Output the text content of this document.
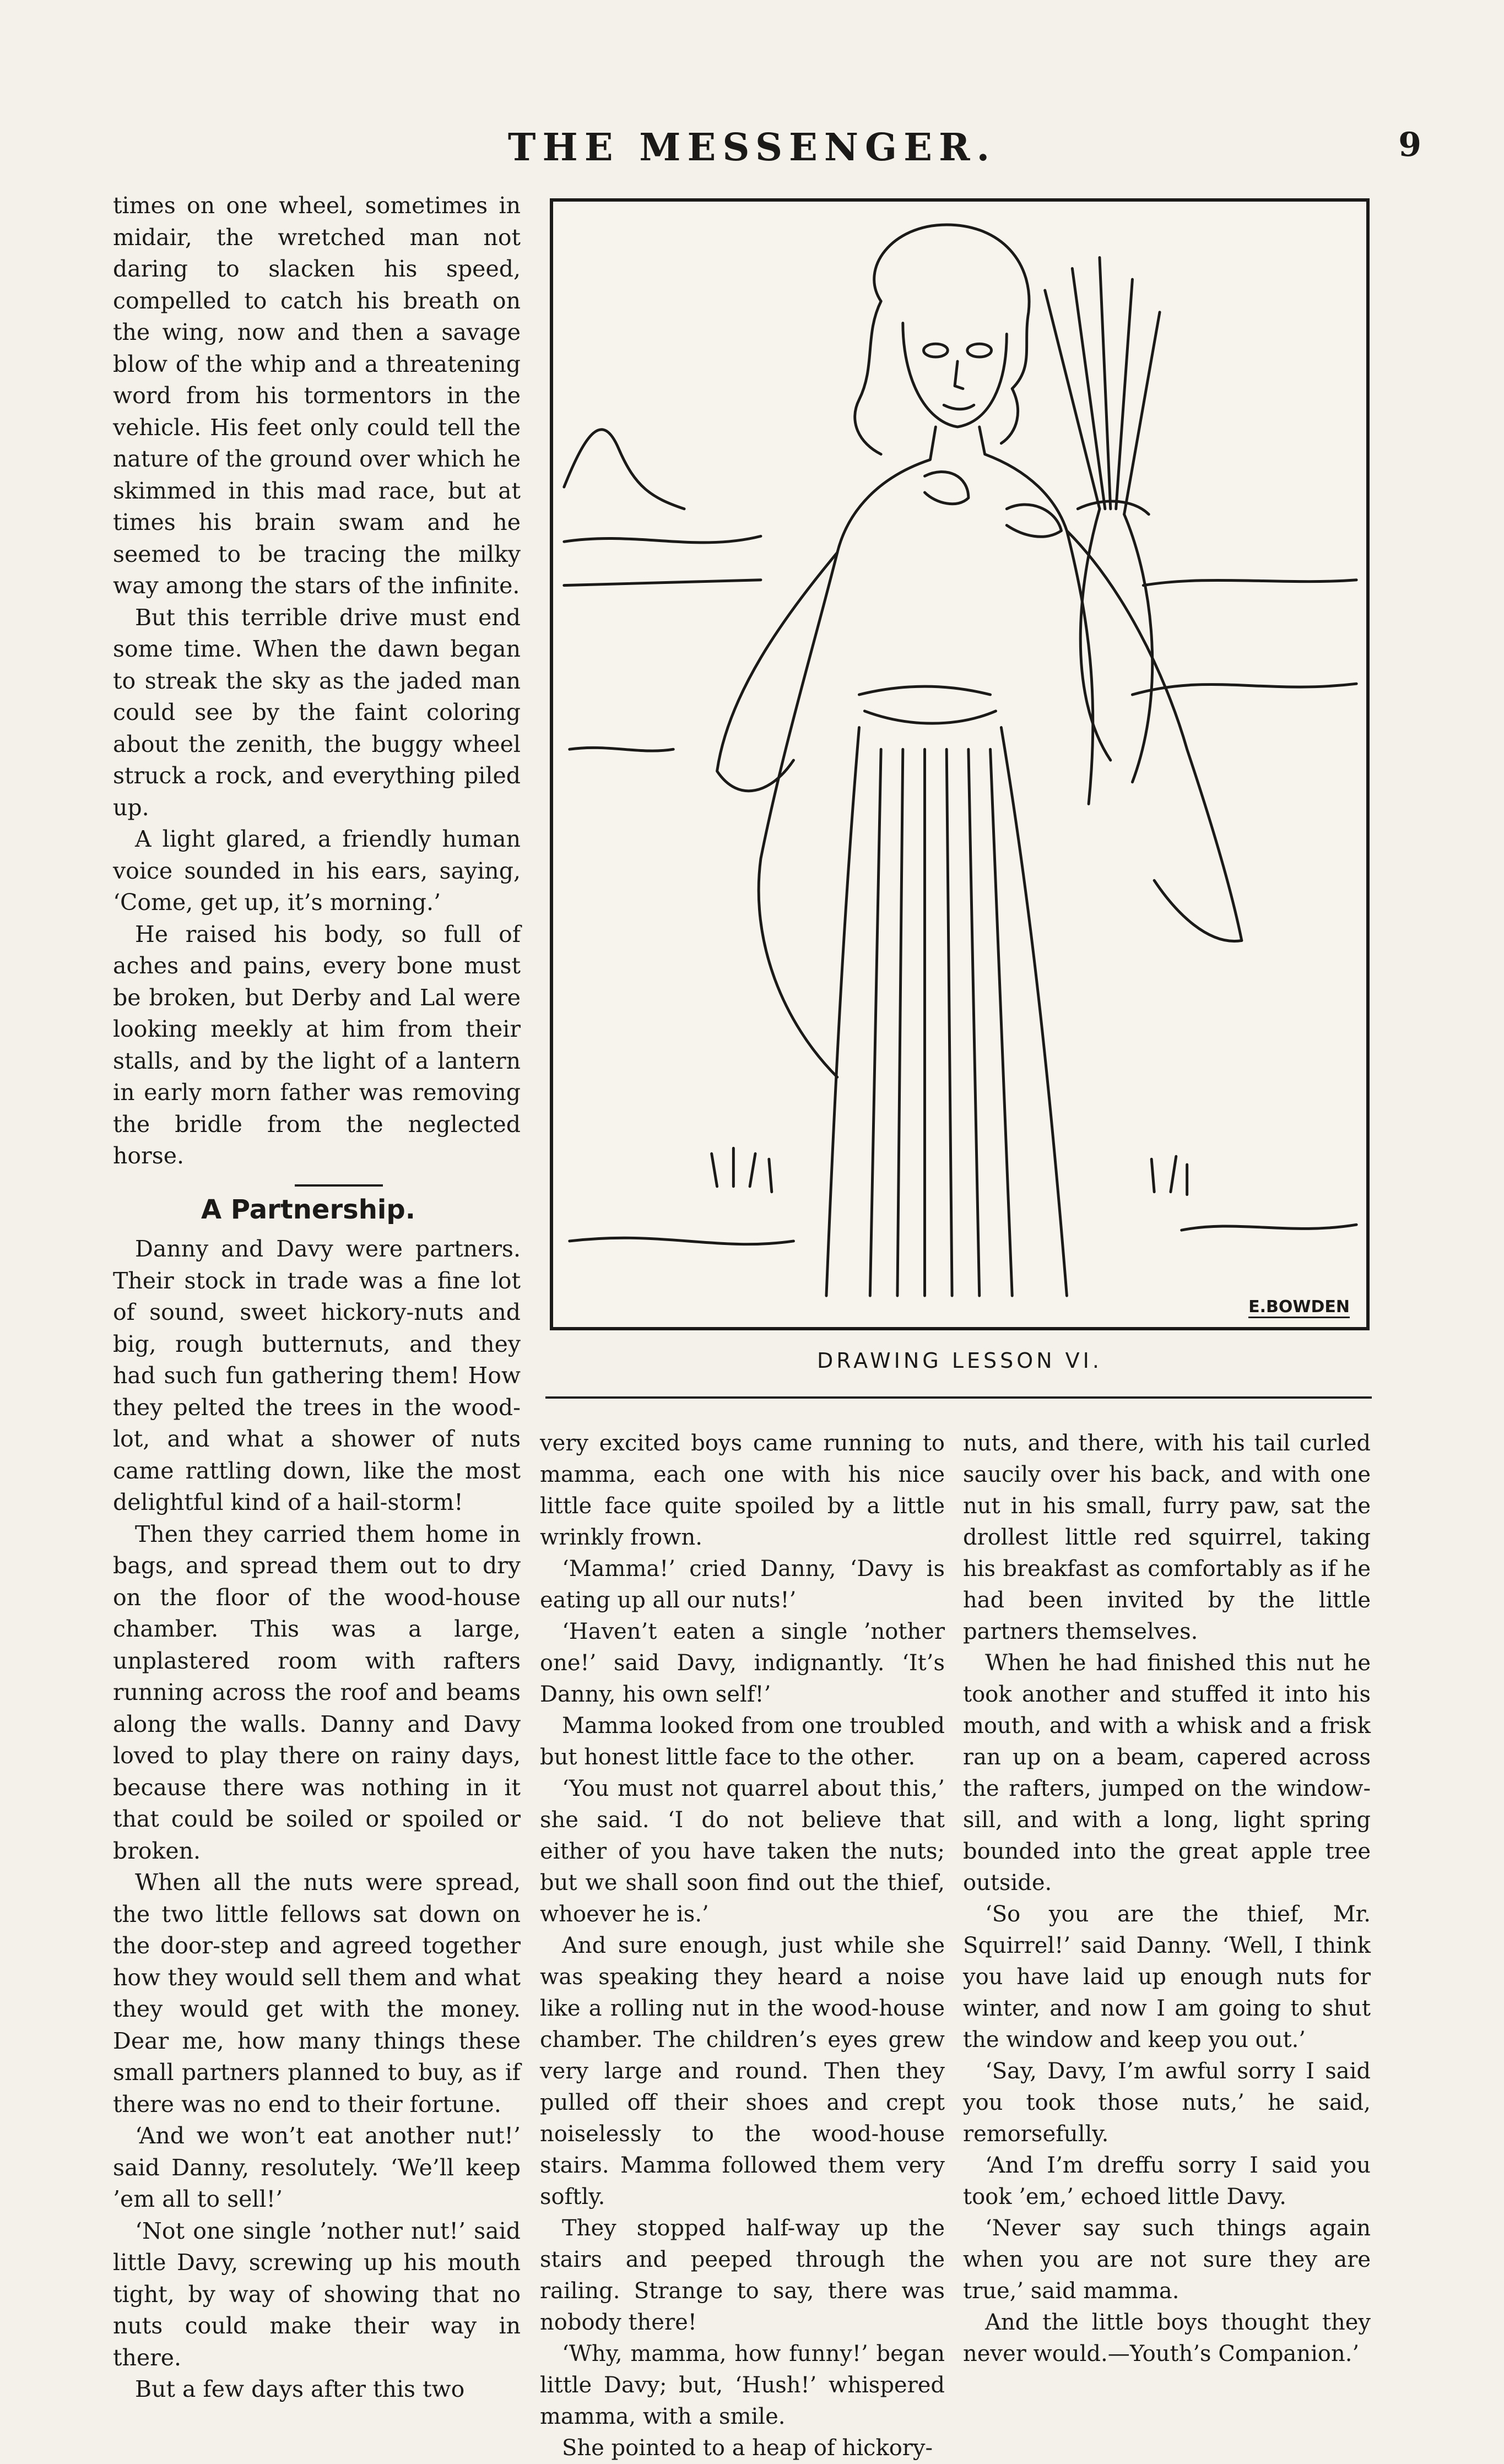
THE MESSENGER.	9

times on one wheel, sometimes in midair, the wretched man not daring to slacken his speed, compelled to catch his breath on the wing, now and then a savage blow of the whip and a threatening word from his tormentors in the vehicle. His feet only could tell the nature of the ground over which he skimmed in this mad race, but at times his brain swam and he seemed to be tracing the milky way among the stars of the infinite.

But this terrible drive must end some time. When the dawn began to streak the sky as the jaded man could see by the faint coloring about the zenith, the buggy wheel struck a rock, and everything piled up.

A light glared, a friendly human voice sounded in his ears, saying, ‘Come, get up, it’s morning.’

He raised his body, so full of aches and pains, every bone must be broken, but Derby and Lal were looking meekly at him from their stalls, and by the light of a lantern in early morn father was removing the bridle from the neglected horse.

A Partnership.

Danny and Davy were partners. Their stock in trade was a fine lot of sound, sweet hickory-nuts and big, rough butternuts, and they had such fun gathering them! How they pelted the trees in the wood-lot, and what a shower of nuts came rattling down, like the most delightful kind of a hail-storm!

Then they carried them home in bags, and spread them out to dry on the floor of the wood-house chamber. This was a large, unplastered room with rafters running across the roof and beams along the walls. Danny and Davy loved to play there on rainy days, because there was nothing in it that could be soiled or spoiled or broken.

When all the nuts were spread, the two little fellows sat down on the door-step and agreed together how they would sell them and what they would get with the money. Dear me, how many things these small partners planned to buy, as if there was no end to their fortune.

‘And we won’t eat another nut!’ said Danny, resolutely. ‘We’ll keep ’em all to sell!’

‘Not one single ’nother nut!’ said little Davy, screwing up his mouth tight, by way of showing that no nuts could make their way in there.

But a few days after this two

E.BOWDEN
DRAWING LESSON VI.

very excited boys came running to mamma, each one with his nice little face quite spoiled by a little wrinkly frown.

‘Mamma!’ cried Danny, ‘Davy is eating up all our nuts!’

‘Haven’t eaten a single ’nother one!’ said Davy, indignantly. ‘It’s Danny, his own self!’

Mamma looked from one troubled but honest little face to the other.

‘You must not quarrel about this,’ she said. ‘I do not believe that either of you have taken the nuts; but we shall soon find out the thief, whoever he is.’

And sure enough, just while she was speaking they heard a noise like a rolling nut in the wood-house chamber. The children’s eyes grew very large and round. Then they pulled off their shoes and crept noiselessly to the wood-house stairs. Mamma followed them very softly.

They stopped half-way up the stairs and peeped through the railing. Strange to say, there was nobody there!

‘Why, mamma, how funny!’ began little Davy; but, ‘Hush!’ whispered mamma, with a smile.

She pointed to a heap of hickory-

nuts, and there, with his tail curled saucily over his back, and with one nut in his small, furry paw, sat the drollest little red squirrel, taking his breakfast as comfortably as if he had been invited by the little partners themselves.

When he had finished this nut he took another and stuffed it into his mouth, and with a whisk and a frisk ran up on a beam, capered across the rafters, jumped on the window-sill, and with a long, light spring bounded into the great apple tree outside.

‘So you are the thief, Mr. Squirrel!’ said Danny. ‘Well, I think you have laid up enough nuts for winter, and now I am going to shut the window and keep you out.’

‘Say, Davy, I’m awful sorry I said you took those nuts,’ he said, remorsefully.

‘And I’m dreffu sorry I said you took ’em,’ echoed little Davy.

‘Never say such things again when you are not sure they are true,’ said mamma.

And the little boys thought they never would.—Youth’s Companion.’
